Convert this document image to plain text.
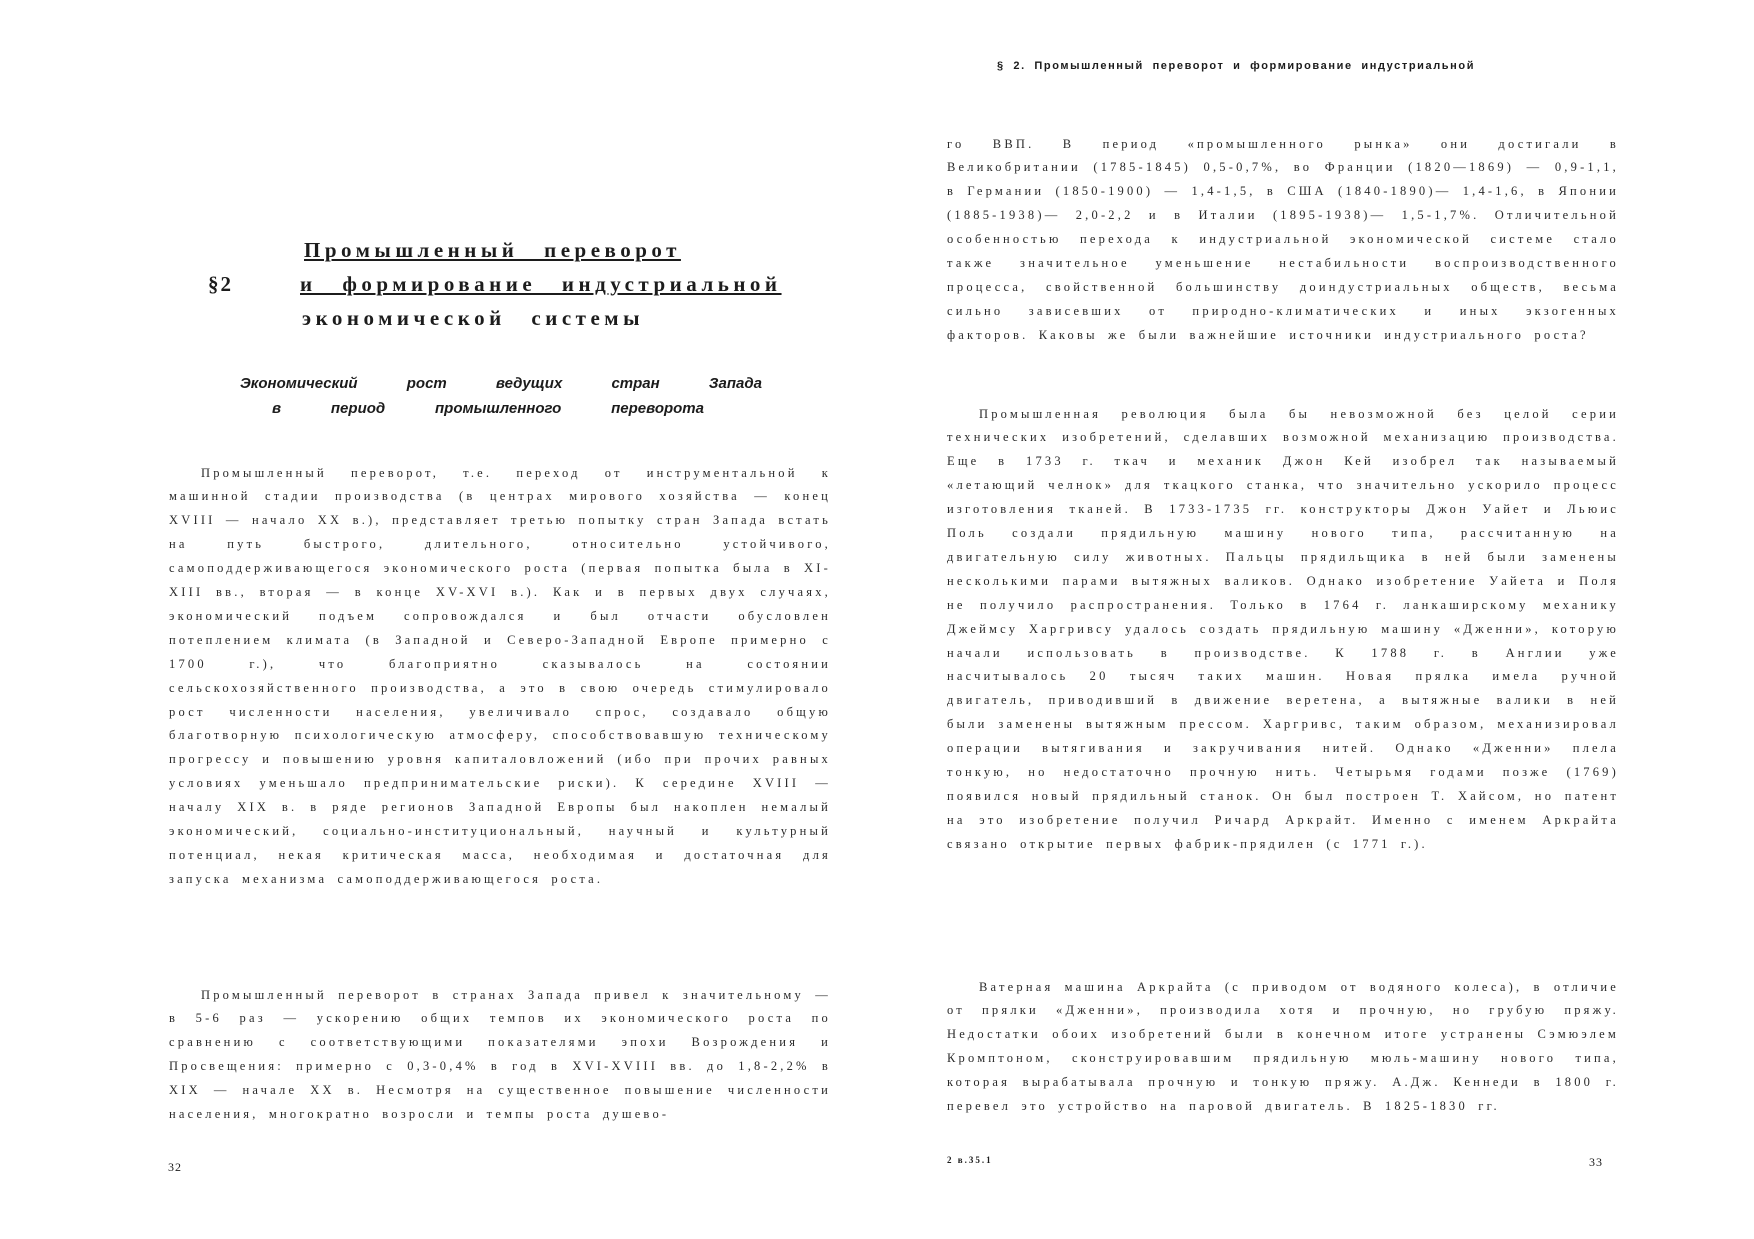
§2
Промышленный переворот
и формирование индустриальной
экономической системы
Экономический рост ведущих стран Запада
в период промышленного переворота

Промышленный переворот, т.е. переход от инструментальной к машинной стадии производства (в центрах мирового хозяйства — конец XVIII — начало XX в.), представляет третью попытку стран Запада встать на путь быстрого, длительного, относительно устойчивого, самоподдерживающегося экономического роста (первая попытка была в XI-XIII вв., вторая — в конце XV-XVI в.). Как и в первых двух случаях, экономический подъем сопровождался и был отчасти обусловлен потеплением климата (в Западной и Северо-Западной Европе примерно с 1700 г.), что благоприятно сказывалось на состоянии сельскохозяйственного производства, а это в свою очередь стимулировало рост численности населения, увеличивало спрос, создавало общую благотворную психологическую атмосферу, способствовавшую техническому прогрессу и повышению уровня капиталовложений (ибо при прочих равных условиях уменьшало предпринимательские риски). К середине XVIII — началу XIX в. в ряде регионов Западной Европы был накоплен немалый экономический, социально-институциональный, научный и культурный потенциал, некая критическая масса, необходимая и достаточная для запуска механизма самоподдерживающегося роста.

Промышленный переворот в странах Запада привел к значительному — в 5-6 раз — ускорению общих темпов их экономического роста по сравнению с соответствующими показателями эпохи Возрождения и Просвещения: примерно с 0,3-0,4% в год в XVI-XVIII вв. до 1,8-2,2% в XIX — начале XX в. Несмотря на существенное повышение численности населения, многократно возросли и темпы роста душево-

32
§ 2. Промышленный переворот и формирование индустриальной

го ВВП. В период «промышленного рынка» они достигали в Великобритании (1785-1845) 0,5-0,7%, во Франции (1820—1869) — 0,9-1,1, в Германии (1850-1900) — 1,4-1,5, в США (1840-1890)— 1,4-1,6, в Японии (1885-1938)— 2,0-2,2 и в Италии (1895-1938)— 1,5-1,7%. Отличительной особенностью перехода к индустриальной экономической системе стало также значительное уменьшение нестабильности воспроизводственного процесса, свойственной большинству доиндустриальных обществ, весьма сильно зависевших от природно-климатических и иных экзогенных факторов. Каковы же были важнейшие источники индустриального роста?

Промышленная революция была бы невозможной без целой серии технических изобретений, сделавших возможной механизацию производства. Еще в 1733 г. ткач и механик Джон Кей изобрел так называемый «летающий челнок» для ткацкого станка, что значительно ускорило процесс изготовления тканей. В 1733-1735 гг. конструкторы Джон Уайет и Льюис Поль создали прядильную машину нового типа, рассчитанную на двигательную силу животных. Пальцы прядильщика в ней были заменены несколькими парами вытяжных валиков. Однако изобретение Уайета и Поля не получило распространения. Только в 1764 г. ланкаширскому механику Джеймсу Харгривсу удалось создать прядильную машину «Дженни», которую начали использовать в производстве. К 1788 г. в Англии уже насчитывалось 20 тысяч таких машин. Новая прялка имела ручной двигатель, приводивший в движение веретена, а вытяжные валики в ней были заменены вытяжным прессом. Харгривс, таким образом, механизировал операции вытягивания и закручивания нитей. Однако «Дженни» плела тонкую, но недостаточно прочную нить. Четырьмя годами позже (1769) появился новый прядильный станок. Он был построен Т. Хайсом, но патент на это изобретение получил Ричард Аркрайт. Именно с именем Аркрайта связано открытие первых фабрик-прядилен (с 1771 г.).

Ватерная машина Аркрайта (с приводом от водяного колеса), в отличие от прялки «Дженни», производила хотя и прочную, но грубую пряжу. Недостатки обоих изобретений были в конечном итоге устранены Сэмюэлем Кромптоном, сконструировавшим прядильную мюль-машину нового типа, которая вырабатывала прочную и тонкую пряжу. А.Дж. Кеннеди в 1800 г. перевел это устройство на паровой двигатель. В 1825-1830 гг.

2 в.35.1	33
